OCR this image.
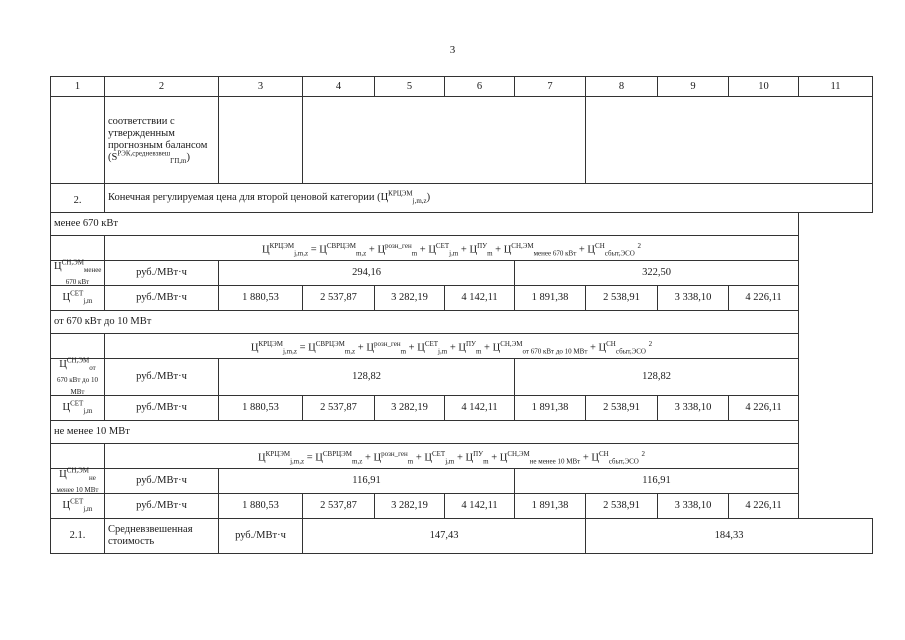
3
1	2	3	4	5	6	7	8	9	10	11
	соответствии с утвержденным прогнозным балансом
$(S^{РЭК,средневзвеш}_{ГП,m})$									
2.	Конечная регулируемая цена для второй ценовой категории $(Ц^{КРЦЭМ}_{j,m,z})$									
менее 670 кВт										
	$Ц^{КРЦЭМ}_{j,m,z} = Ц^{СВРЦЭМ}_{m,z} + Ц^{розн\_ген}_m + Ц^{СЕТ}_{j,m} + Ц^{ПУ}_m + Ц^{СН,ЭМ}_{менее 670 кВт} + Ц^{СН}_{сбыт,ЭСО}$ $^2$
$Ц^{СН,ЭМ}_{менее 670 кВт}$	руб./МВт·ч	294,16				322,50				
$Ц^{СЕТ}_{j,m}$	руб./МВт·ч	1 880,53	2 537,87	3 282,19	4 142,11	1 891,38	2 538,91	3 338,10	4 226,11	
от 670 кВт до 10 МВт										
	$Ц^{КРЦЭМ}_{j,m,z} = Ц^{СВРЦЭМ}_{m,z} + Ц^{розн\_ген}_m + Ц^{СЕТ}_{j,m} + Ц^{ПУ}_m + Ц^{СН,ЭМ}_{от 670 кВт до 10 МВт} + Ц^{СН}_{сбыт,ЭСО}$ $^2$
$Ц^{СН,ЭМ}_{от 670 кВт до 10 МВт}$	руб./МВт·ч	128,82				128,82				
$Ц^{СЕТ}_{j,m}$	руб./МВт·ч	1 880,53	2 537,87	3 282,19	4 142,11	1 891,38	2 538,91	3 338,10	4 226,11	
не менее 10 МВт										
	$Ц^{КРЦЭМ}_{j,m,z} = Ц^{СВРЦЭМ}_{m,z} + Ц^{розн\_ген}_m + Ц^{СЕТ}_{j,m} + Ц^{ПУ}_m + Ц^{СН,ЭМ}_{не менее 10 МВт} + Ц^{СН}_{сбыт,ЭСО}$ $^2$
$Ц^{СН,ЭМ}_{не менее 10 МВт}$	руб./МВт·ч	116,91				116,91				
$Ц^{СЕТ}_{j,m}$	руб./МВт·ч	1 880,53	2 537,87	3 282,19	4 142,11	1 891,38	2 538,91	3 338,10	4 226,11	
2.1.	Средневзвешенная стоимость	руб./МВт·ч	147,43				184,33			
